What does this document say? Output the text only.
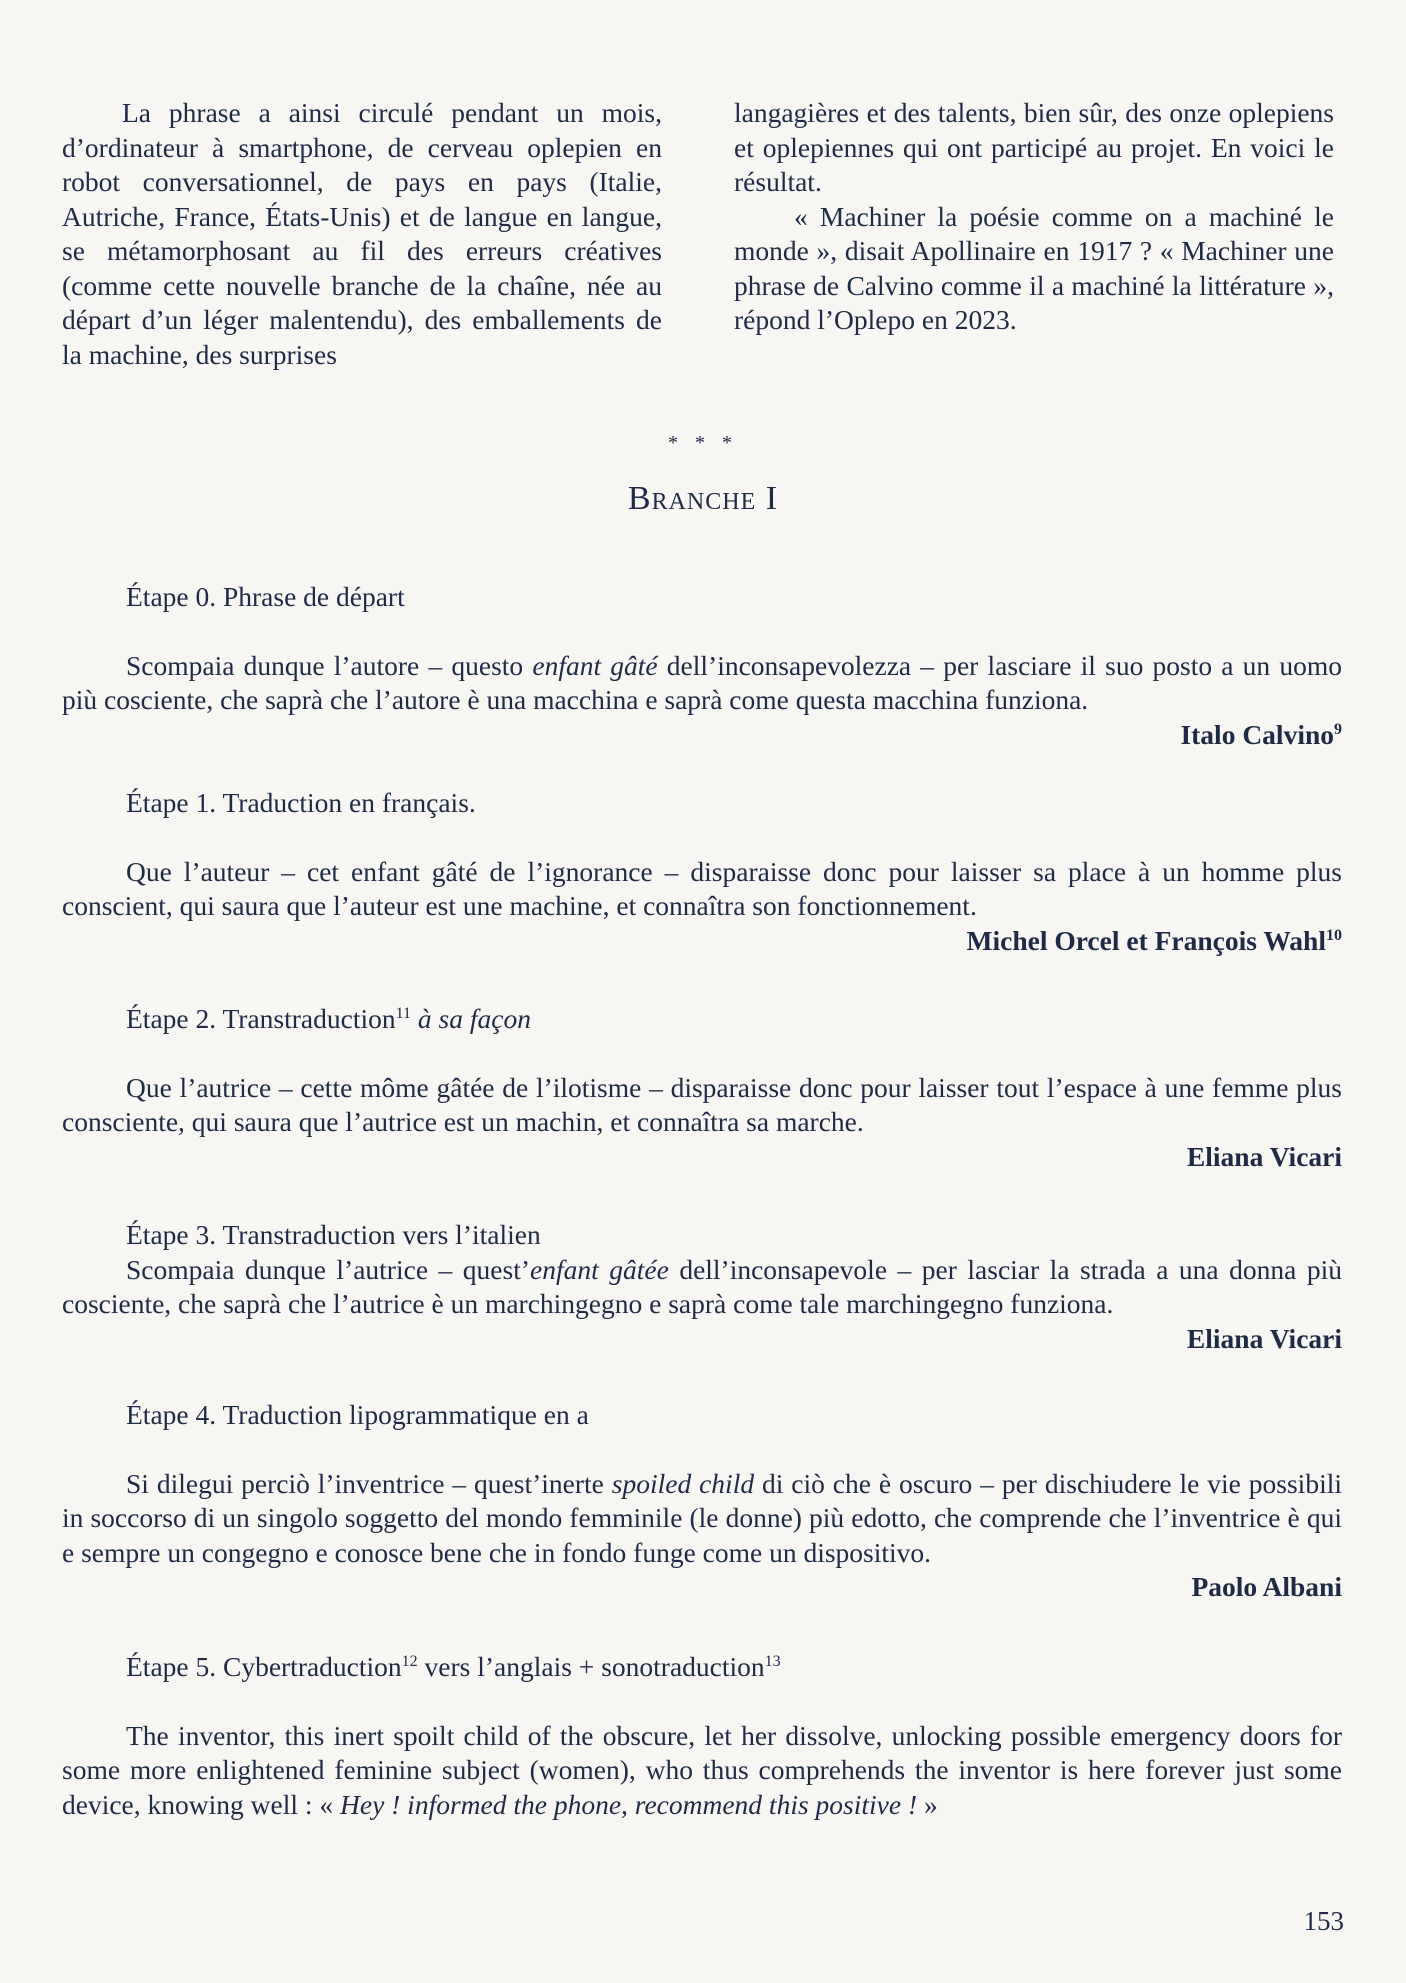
La phrase a ainsi circulé pendant un mois, d’ordinateur à smartphone, de cerveau oplepien en robot conversationnel, de pays en pays (Italie, Autriche, France, États-Unis) et de langue en langue, se métamorphosant au fil des erreurs créatives (comme cette nouvelle branche de la chaîne, née au départ d’un léger malentendu), des emballements de la machine, des surprises

langagières et des talents, bien sûr, des onze oplepiens et oplepiennes qui ont participé au projet. En voici le résultat.

« Machiner la poésie comme on a machiné le monde », disait Apollinaire en 1917 ? « Machiner une phrase de Calvino comme il a machiné la littérature », répond l’Oplepo en 2023.

* * *
Branche I

Étape 0. Phrase de départ

Scompaia dunque l’autore – questo enfant gâté dell’inconsapevolezza – per lasciare il suo posto a un uomo più cosciente, che saprà che l’autore è una macchina e saprà come questa macchina funziona.

Italo Calvino$^9$

Étape 1. Traduction en français.

Que l’auteur – cet enfant gâté de l’ignorance – disparaisse donc pour laisser sa place à un homme plus conscient, qui saura que l’auteur est une machine, et connaîtra son fonctionnement.

Michel Orcel et François Wahl$^{10}$

Étape 2. Transtraduction$^{11}$ à sa façon

Que l’autrice – cette môme gâtée de l’ilotisme – disparaisse donc pour laisser tout l’espace à une femme plus consciente, qui saura que l’autrice est un machin, et connaîtra sa marche.

Eliana Vicari

Étape 3. Transtraduction vers l’italien

Scompaia dunque l’autrice – quest’enfant gâtée dell’inconsapevole – per lasciar la strada a una donna più cosciente, che saprà che l’autrice è un marchingegno e saprà come tale marchingegno funziona.

Eliana Vicari

Étape 4. Traduction lipogrammatique en a

Si dilegui perciò l’inventrice – quest’inerte spoiled child di ciò che è oscuro – per dischiudere le vie possibili in soccorso di un singolo soggetto del mondo femminile (le donne) più edotto, che comprende che l’inventrice è qui e sempre un congegno e conosce bene che in fondo funge come un dispositivo.

Paolo Albani

Étape 5. Cybertraduction$^{12}$ vers l’anglais + sonotraduction$^{13}$

The inventor, this inert spoilt child of the obscure, let her dissolve, unlocking possible emergency doors for some more enlightened feminine subject (women), who thus comprehends the inventor is here forever just some device, knowing well : « Hey ! informed the phone, recommend this positive ! »

153
